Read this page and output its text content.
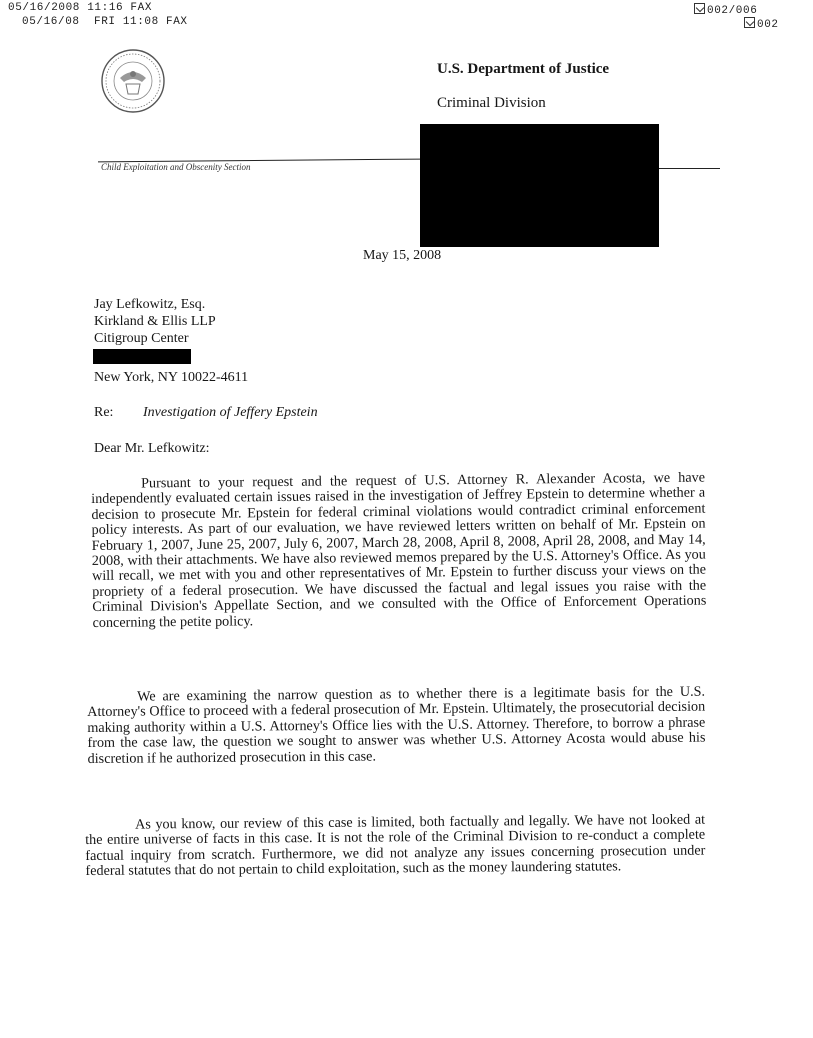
05/16/2008 11:16 FAX	002/006
05/16/08  FRI 11:08 FAX	002
U.S. Department of Justice
Criminal Division
Child Exploitation and Obscenity Section
May 15, 2008
Jay Lefkowitz, Esq.
Kirkland & Ellis LLP
Citigroup Center
New York, NY 10022-4611
Re: Investigation of Jeffery Epstein
Dear Mr. Lefkowitz:
Pursuant to your request and the request of U.S. Attorney R. Alexander Acosta, we have independently evaluated certain issues raised in the investigation of Jeffrey Epstein to determine whether a decision to prosecute Mr. Epstein for federal criminal violations would contradict criminal enforcement policy interests. As part of our evaluation, we have reviewed letters written on behalf of Mr. Epstein on February 1, 2007, June 25, 2007, July 6, 2007, March 28, 2008, April 8, 2008, April 28, 2008, and May 14, 2008, with their attachments. We have also reviewed memos prepared by the U.S. Attorney's Office. As you will recall, we met with you and other representatives of Mr. Epstein to further discuss your views on the propriety of a federal prosecution. We have discussed the factual and legal issues you raise with the Criminal Division's Appellate Section, and we consulted with the Office of Enforcement Operations concerning the petite policy.
We are examining the narrow question as to whether there is a legitimate basis for the U.S. Attorney's Office to proceed with a federal prosecution of Mr. Epstein. Ultimately, the prosecutorial decision making authority within a U.S. Attorney's Office lies with the U.S. Attorney. Therefore, to borrow a phrase from the case law, the question we sought to answer was whether U.S. Attorney Acosta would abuse his discretion if he authorized prosecution in this case.
As you know, our review of this case is limited, both factually and legally. We have not looked at the entire universe of facts in this case. It is not the role of the Criminal Division to re-conduct a complete factual inquiry from scratch. Furthermore, we did not analyze any issues concerning prosecution under federal statutes that do not pertain to child exploitation, such as the money laundering statutes.
